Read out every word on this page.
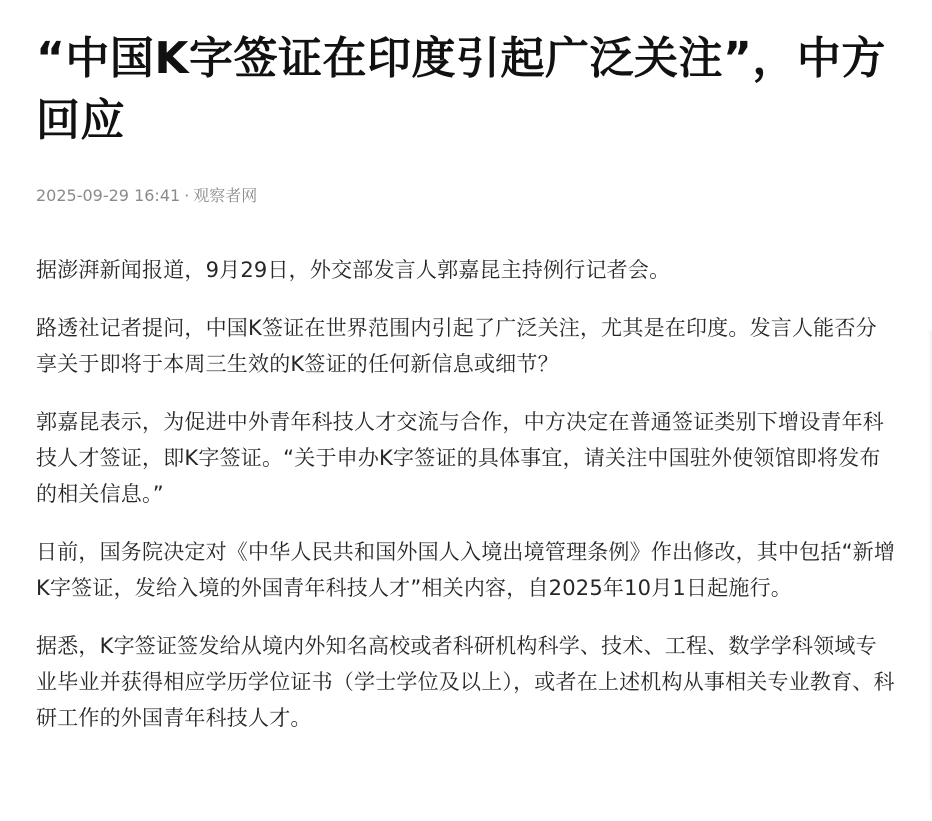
“中国K字签证在印度引起广泛关注”，中方回应
2025-09-29 16:41 · 观察者网

据澎湃新闻报道，9月29日，外交部发言人郭嘉昆主持例行记者会。

路透社记者提问，中国K签证在世界范围内引起了广泛关注，尤其是在印度。发言人能否分享关于即将于本周三生效的K签证的任何新信息或细节？

郭嘉昆表示，为促进中外青年科技人才交流与合作，中方决定在普通签证类别下增设青年科技人才签证，即K字签证。“关于申办K字签证的具体事宜，请关注中国驻外使领馆即将发布的相关信息。”

日前，国务院决定对《中华人民共和国外国人入境出境管理条例》作出修改，其中包括“新增K字签证，发给入境的外国青年科技人才”相关内容，自2025年10月1日起施行。

据悉，K字签证签发给从境内外知名高校或者科研机构科学、技术、工程、数学学科领域专业毕业并获得相应学历学位证书（学士学位及以上），或者在上述机构从事相关专业教育、科研工作的外国青年科技人才。
